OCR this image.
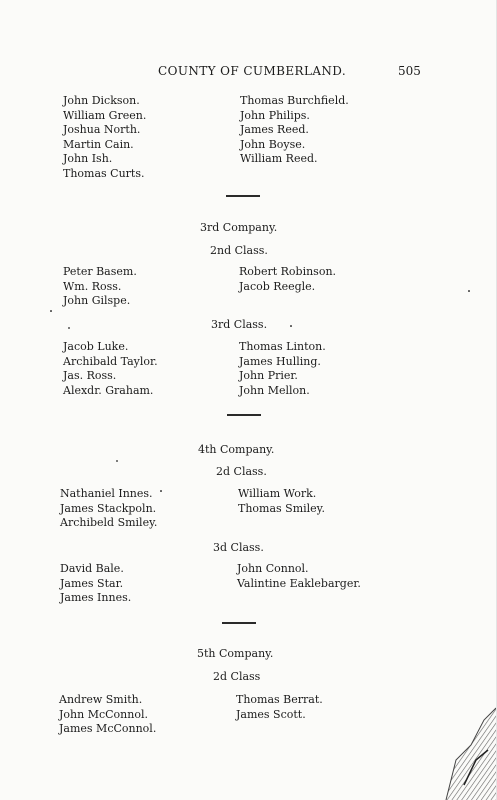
COUNTY OF CUMBERLAND.	505
John Dickson.
William Green.
Joshua North.
Martin Cain.
John Ish.
Thomas Curts.
Thomas Burchfield.
John Philips.
James Reed.
John Boyse.
William Reed.
3rd Company.
2nd Class.
Peter Basem.
Wm. Ross.
John Gilspe.
Robert Robinson.
Jacob Reegle.
3rd Class.
Jacob Luke.
Archibald Taylor.
Jas. Ross.
Alexdr. Graham.
Thomas Linton.
James Hulling.
John Prier.
John Mellon.
4th Company.
2d Class.
Nathaniel Innes.
James Stackpoln.
Archibeld Smiley.
William Work.
Thomas Smiley.
3d Class.
David Bale.
James Star.
James Innes.
John Connol.
Valintine Eaklebarger.
5th Company.
2d Class
Andrew Smith.
John McConnol.
James McConnol.
Thomas Berrat.
James Scott.
